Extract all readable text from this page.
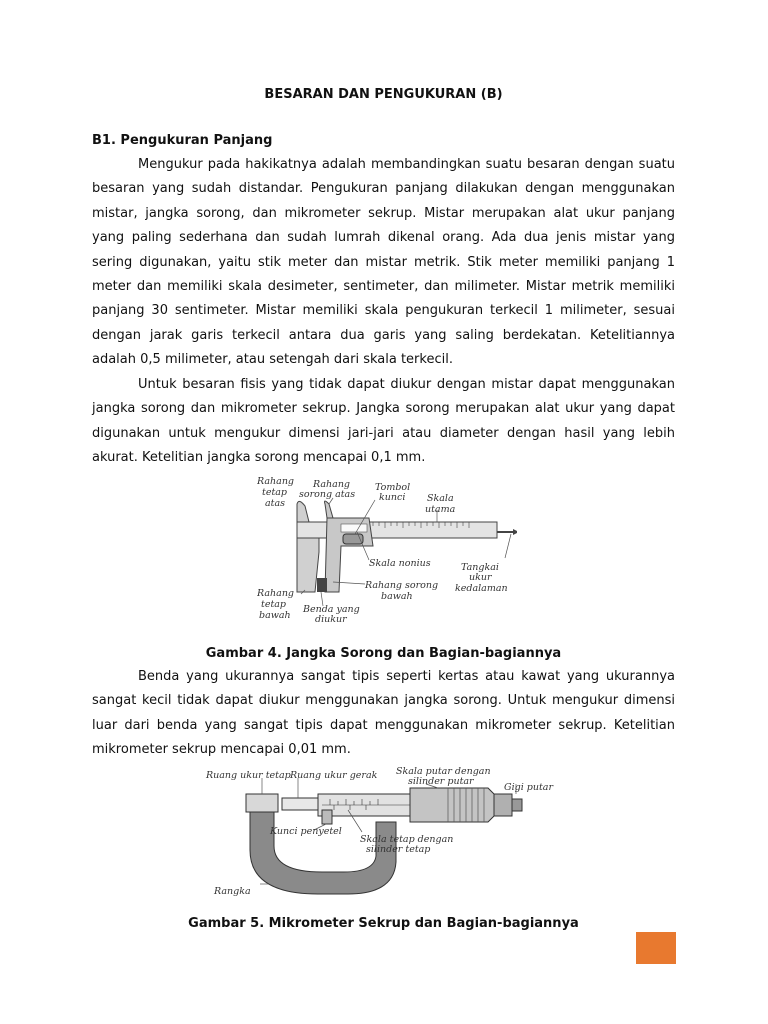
BESARAN DAN PENGUKURAN (B)
B1. Pengukuran Panjang

Mengukur pada hakikatnya adalah membandingkan suatu besaran dengan suatu besaran yang sudah distandar. Pengukuran panjang dilakukan dengan menggunakan mistar, jangka sorong, dan mikrometer sekrup. Mistar merupakan alat ukur panjang yang paling sederhana dan sudah lumrah dikenal orang. Ada dua jenis mistar yang sering digunakan, yaitu stik meter dan mistar metrik. Stik meter memiliki panjang 1 meter dan memiliki skala desimeter, sentimeter, dan milimeter. Mistar metrik memiliki panjang 30 sentimeter. Mistar memiliki skala pengukuran terkecil 1 milimeter, sesuai dengan jarak garis terkecil antara dua garis yang saling berdekatan. Ketelitiannya adalah 0,5 milimeter, atau setengah dari skala terkecil.

Untuk besaran fisis yang tidak dapat diukur dengan mistar dapat menggunakan jangka sorong dan mikrometer sekrup. Jangka sorong merupakan alat ukur yang dapat digunakan untuk mengukur dimensi jari-jari atau diameter dengan hasil yang lebih akurat. Ketelitian jangka sorong mencapai 0,1 mm.

Rahang
tetap
atas
Rahang
sorong atas
Tombol
kunci Skala
utama
Skala nonius	Tangkai
ukur
kedalaman
Rahang sorong
bawah
Rahang
tetap
bawah
Benda yang
diukur
Gambar 4. Jangka Sorong dan Bagian-bagiannya

Benda yang ukurannya sangat tipis seperti kertas atau kawat yang ukurannya sangat kecil tidak dapat diukur menggunakan jangka sorong. Untuk mengukur dimensi luar dari benda yang sangat tipis dapat menggunakan mikrometer sekrup. Ketelitian mikrometer sekrup mencapai 0,01 mm.

Ruang ukur tetap Ruang ukur gerak Skala putar dengan
silinder putar
Gigi putar
Kunci penyetel
Skala tetap dengan
silinder tetap
Rangka
Gambar 5. Mikrometer Sekrup dan Bagian-bagiannya
